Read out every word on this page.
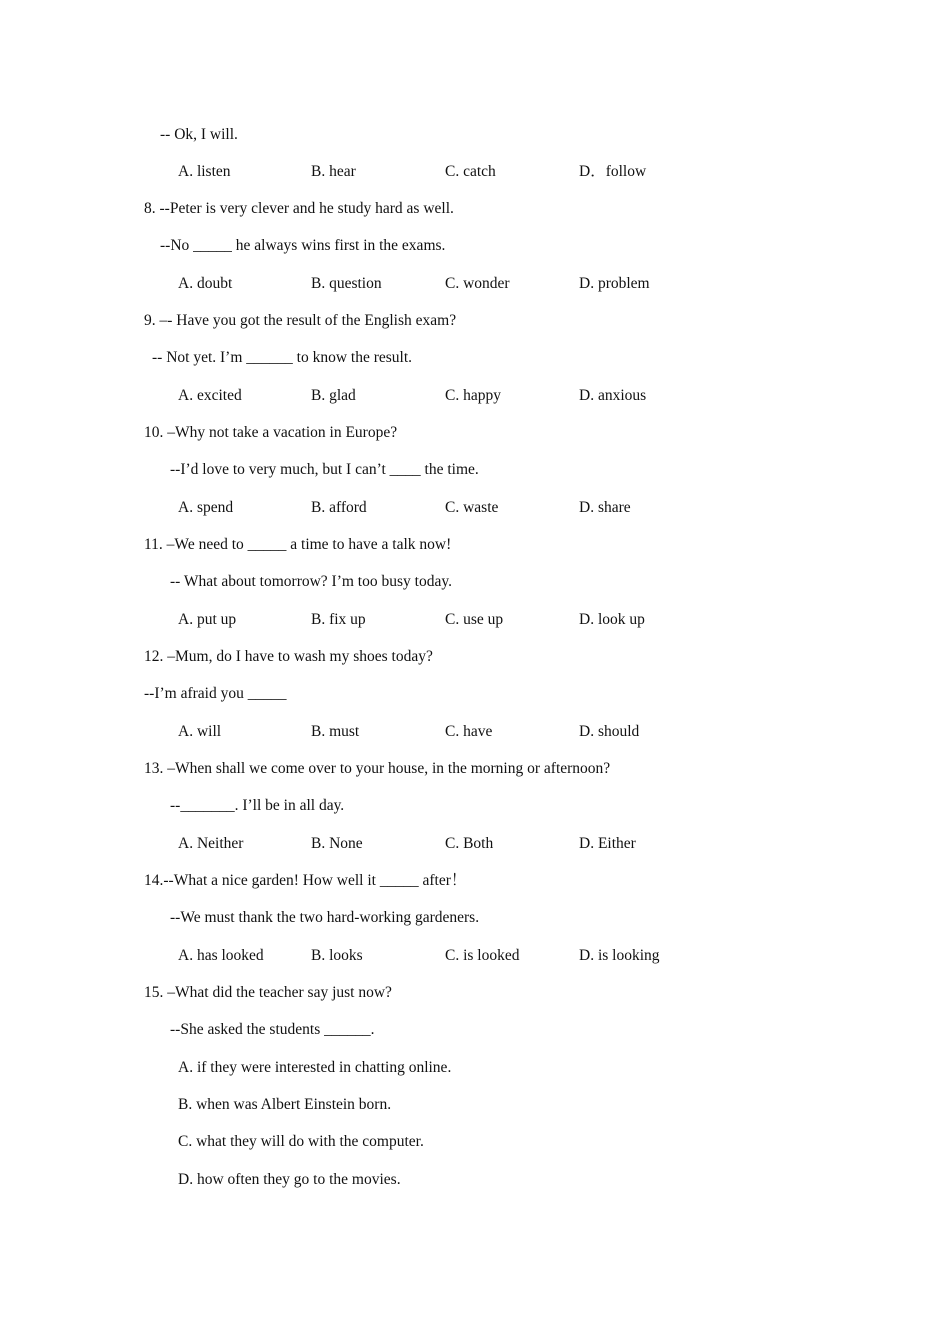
-- Ok, I will.
A. listen	B. hear	C. catch	D．follow
8. --Peter is very clever and he study hard as well.
--No _____ he always wins first in the exams.
A. doubt	B. question	C. wonder	D. problem
9. –- Have you got the result of the English exam?
-- Not yet. I’m ______ to know the result.
A. excited	B. glad	C. happy	D. anxious
10. –Why not take a vacation in Europe?
--I’d love to very much, but I can’t ____ the time.
A. spend	B. afford	C. waste	D. share
11. –We need to _____ a time to have a talk now!
-- What about tomorrow? I’m too busy today.
A. put up	B. fix up	C. use up	D. look up
12. –Mum, do I have to wash my shoes today?
--I’m afraid you _____
A. will	B. must	C. have	D. should
13. –When shall we come over to your house, in the morning or afternoon?
--_______. I’ll be in all day.
A. Neither	B. None	C. Both	D. Either
14.--What a nice garden! How well it _____ after！
--We must thank the two hard-working gardeners.
A. has looked	B. looks	C. is looked	D. is looking
15. –What did the teacher say just now?
--She asked the students ______.
A. if they were interested in chatting online.
B. when was Albert Einstein born.
C. what they will do with the computer.
D. how often they go to the movies.
